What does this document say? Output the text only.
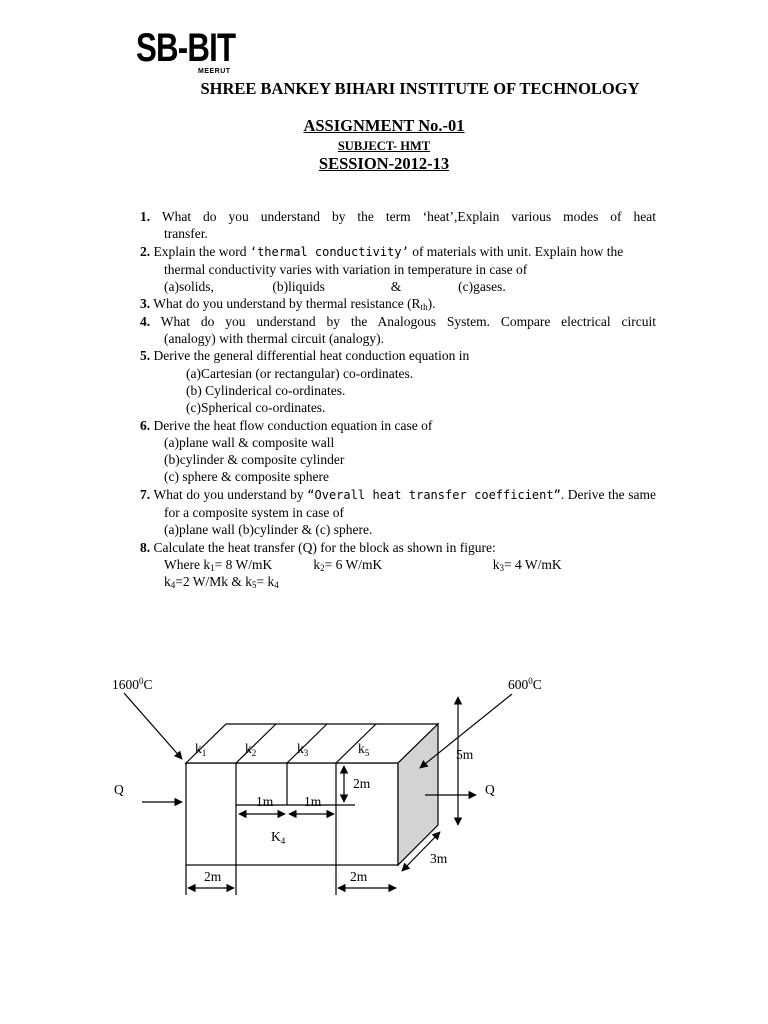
SB-BIT
MEERUT
SHREE BANKEY BIHARI INSTITUTE OF TECHNOLOGY
ASSIGNMENT No.-01
SUBJECT- HMT
SESSION-2012-13
1. What do you understand by the term ‘heat’,Explain various modes of heat
transfer.
2. Explain the word ‘thermal conductivity’ of materials with unit. Explain how the
thermal conductivity varies with variation in temperature in case of
(a)solids,	(b)liquids	&	(c)gases.
3. What do you understand by thermal resistance $(R_{th})$.
4. What do you understand by the Analogous System. Compare electrical circuit
(analogy) with thermal circuit (analogy).
5. Derive the general differential heat conduction equation in
(a)Cartesian (or rectangular) co-ordinates.
(b) Cylinderical co-ordinates.
(c)Spherical co-ordinates.
6. Derive the heat flow conduction equation in case of
(a)plane wall & composite wall
(b)cylinder & composite cylinder
(c) sphere & composite sphere
7. What do you understand by “Overall heat transfer coefficient”. Derive the same
for a composite system in case of
(a)plane wall (b)cylinder & (c) sphere.
8. Calculate the heat transfer (Q) for the block as shown in figure:
Where $k_1= 8$ W/mK	$k_2= 6$ W/mK	$k_3= 4$ W/mK
$k_4=2$ W/Mk & $k_5= k_4$
1600$^0$C	$600^0C$
Q	Q
$k_1$	$k_2$	$k_3$	$k_5$
$K_4$
5m
2m
1m 1m
3m
2m	2m
